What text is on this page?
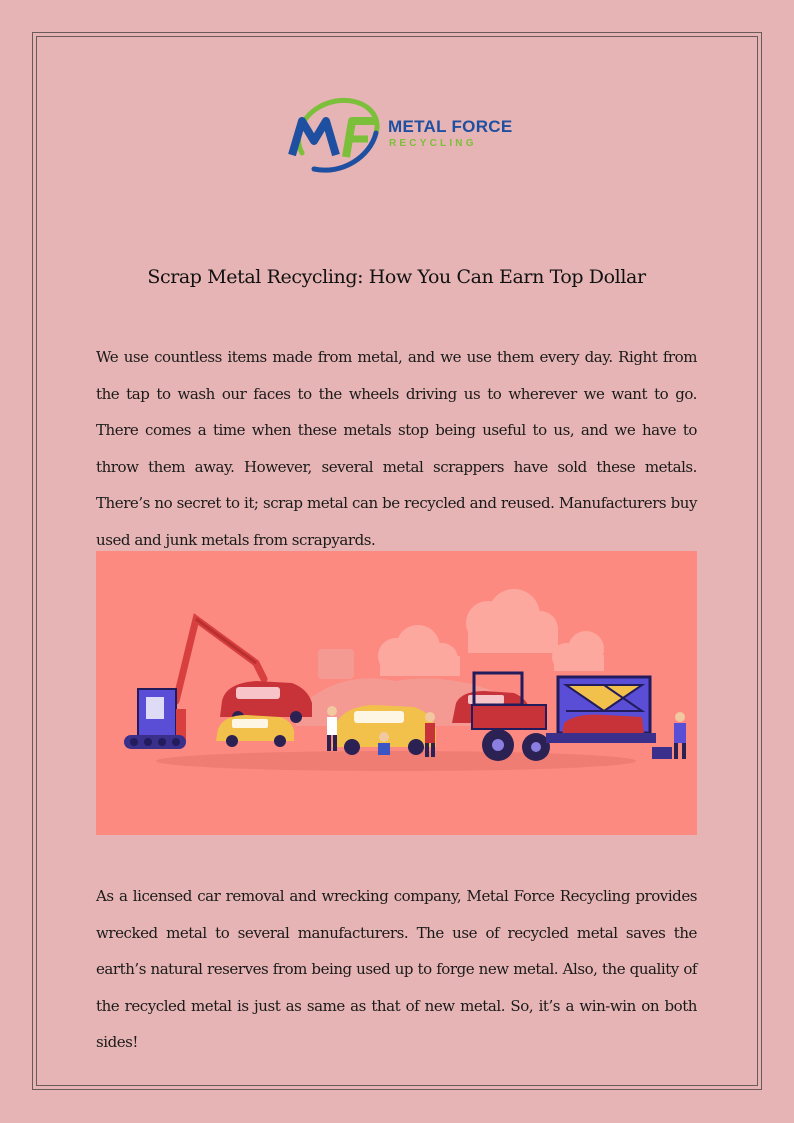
METAL FORCE
RECYCLING
Scrap Metal Recycling: How You Can Earn Top Dollar

We use countless items made from metal, and we use them every day. Right from the tap to wash our faces to the wheels driving us to wherever we want to go. There comes a time when these metals stop being useful to us, and we have to throw them away. However, several metal scrappers have sold these metals. There’s no secret to it; scrap metal can be recycled and reused. Manufacturers buy used and junk metals from scrapyards.

As a licensed car removal and wrecking company, Metal Force Recycling provides wrecked metal to several manufacturers. The use of recycled metal saves the earth’s natural reserves from being used up to forge new metal. Also, the quality of the recycled metal is just as same as that of new metal. So, it’s a win-win on both sides!
